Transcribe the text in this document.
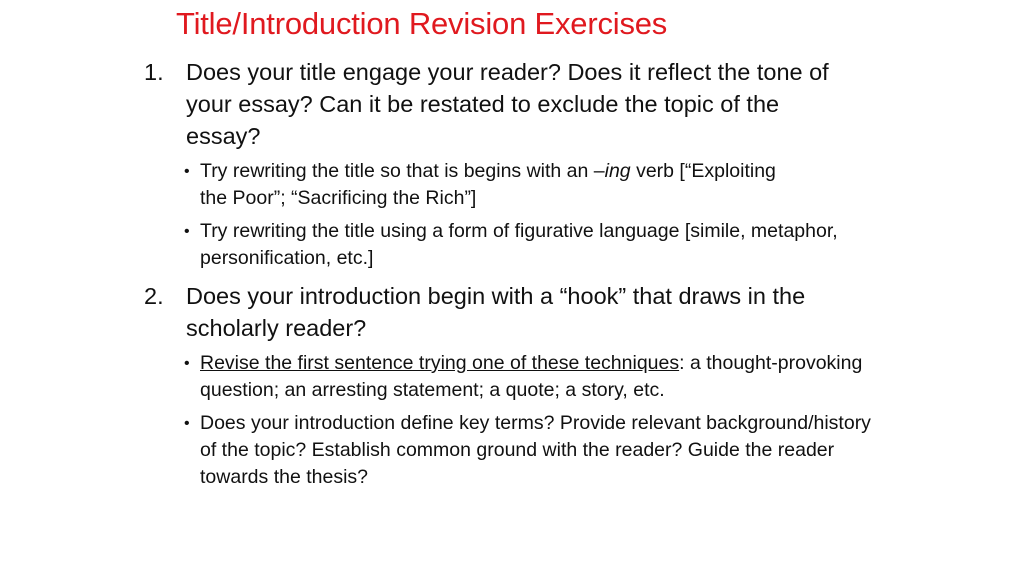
Title/Introduction Revision Exercises
1. Does your title engage your reader? Does it reflect the tone of your essay? Can it be restated to exclude the topic of the essay?
• Try rewriting the title so that is begins with an –ing verb [“Exploiting the Poor”; “Sacrificing the Rich”]
• Try rewriting the title using a form of figurative language [simile, metaphor, personification, etc.]
2. Does your introduction begin with a “hook” that draws in the scholarly reader?
• Revise the first sentence trying one of these techniques: a thought-provoking question; an arresting statement; a quote; a story, etc.
• Does your introduction define key terms? Provide relevant background/history of the topic? Establish common ground with the reader? Guide the reader towards the thesis?
